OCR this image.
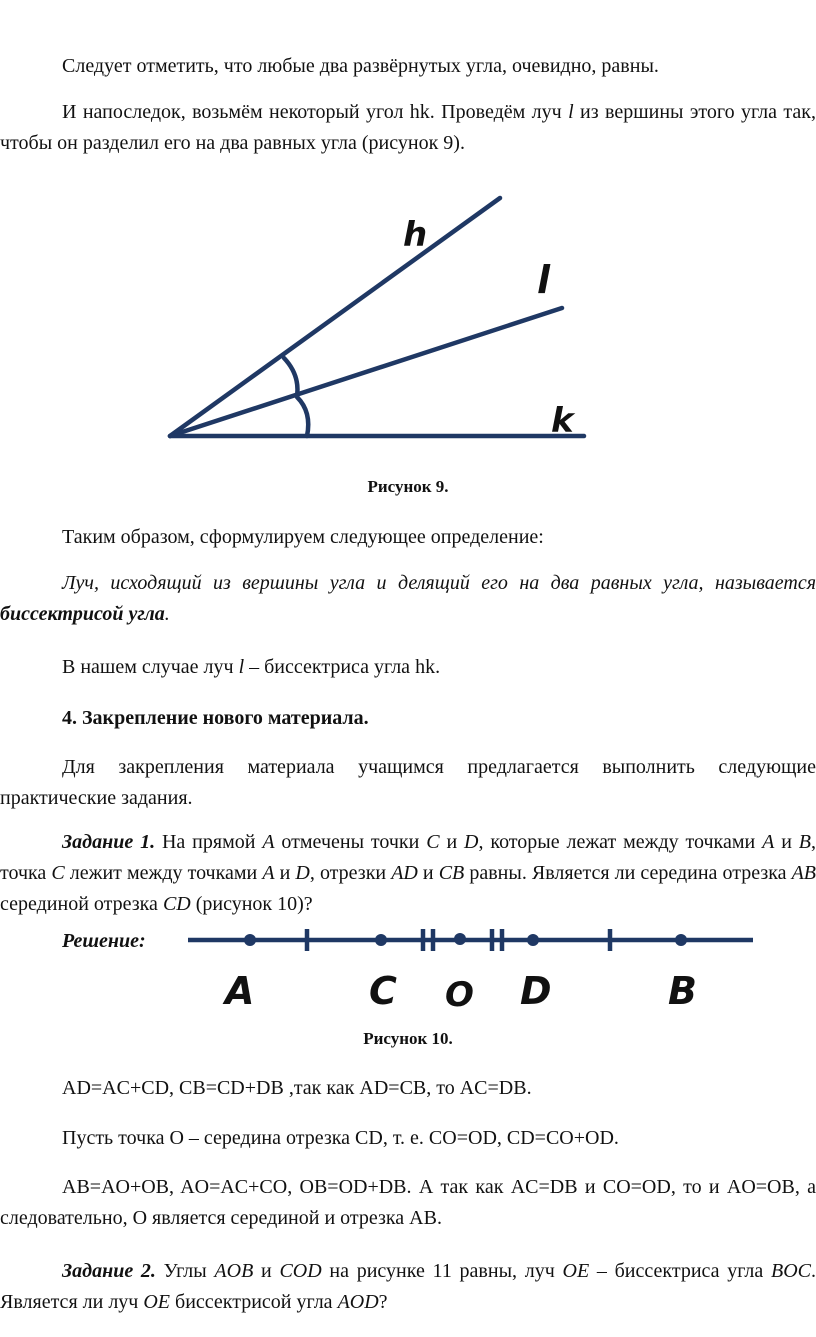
Следует отметить, что любые два развёрнутых угла, очевидно, равны.

И напоследок, возьмём некоторый угол hk. Проведём луч l из вершины этого угла так, чтобы он разделил его на два равных угла (рисунок 9).

h
l
k
Рисунок 9.

Таким образом, сформулируем следующее определение:

Луч, исходящий из вершины угла и делящий его на два равных угла, называется биссектрисой угла.

В нашем случае луч l – биссектриса угла hk.

4. Закрепление нового материала.

Для закрепления материала учащимся предлагается выполнить следующие практические задания.

Задание 1. На прямой A отмечены точки C и D, которые лежат между точками A и B, точка C лежит между точками A и D, отрезки AD и CB равны. Является ли середина отрезка AB серединой отрезка CD (рисунок 10)?

Решение:
A	C O D	B
Рисунок 10.

AD=AC+CD, CB=CD+DB ,так как AD=CB, то AC=DB.

Пусть точка O – середина отрезка CD, т. е. CO=OD, CD=CO+OD.

AB=AO+OB, AO=AC+CO, OB=OD+DB. А так как AC=DB и CO=OD, то и AO=OB, а следовательно, O является серединой и отрезка AB.

Задание 2. Углы AOB и COD на рисунке 11 равны, луч OE – биссектриса угла BOC. Является ли луч OE биссектрисой угла AOD?
